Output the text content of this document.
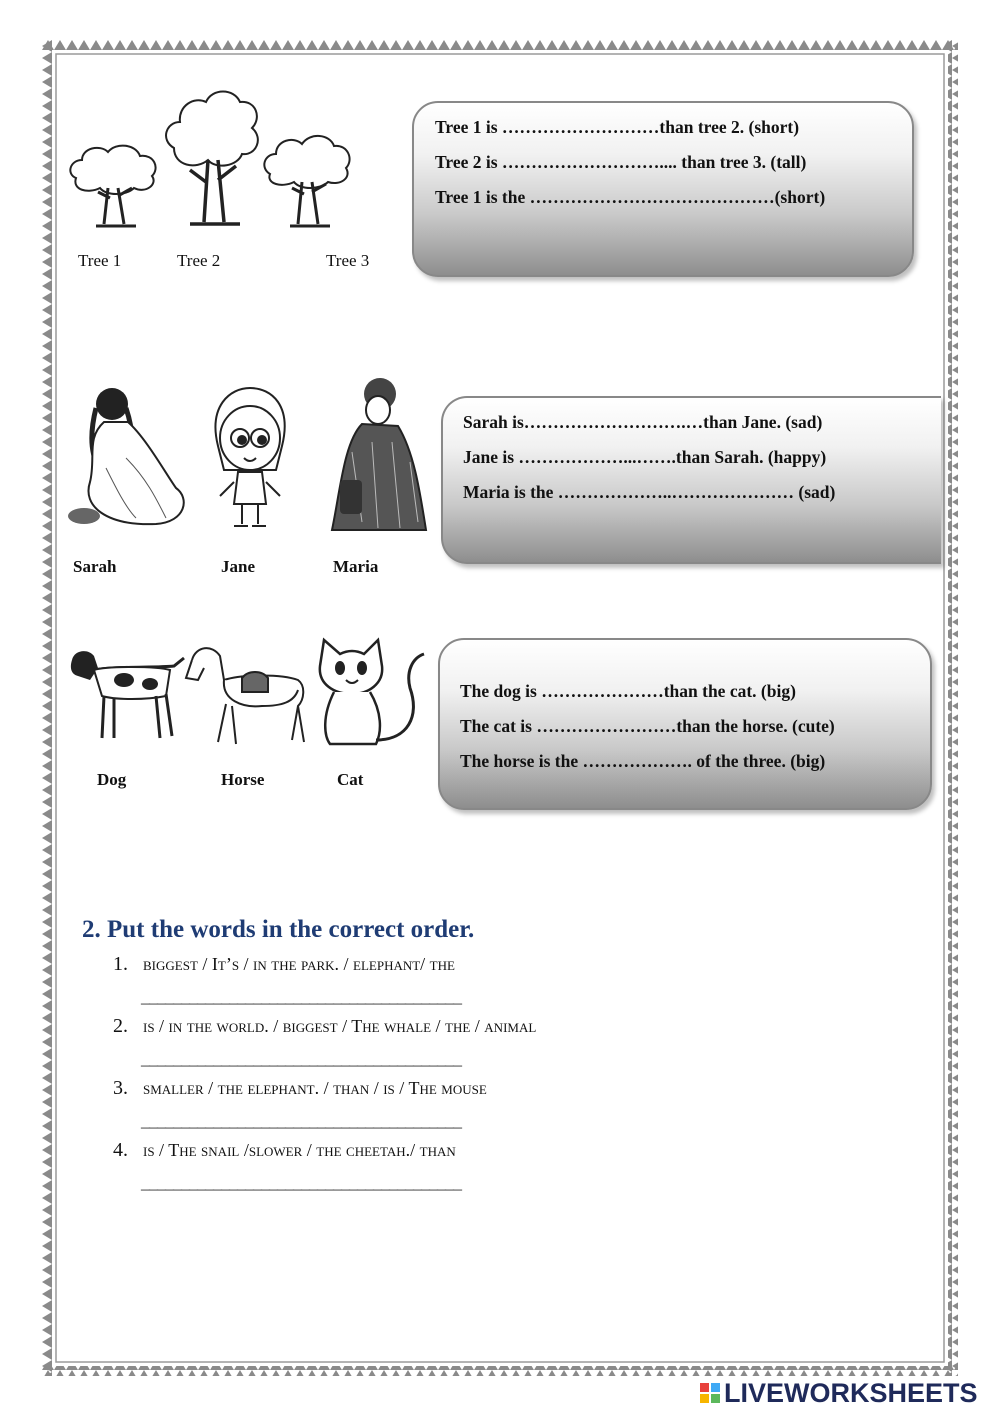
Tree 1	Tree 2	Tree 3
Tree 1 is ………………………than tree 2. (short)
Tree 2 is ……………………….... than tree 3. (tall)
Tree 1 is the ……………………………………(short)
Sarah	Jane	Maria
Sarah is……………………….…than Jane. (sad)
Jane is ………………...…….than Sarah. (happy)
Maria is the ………………..………………… (sad)
Dog	Horse	Cat
The dog is …………………than the cat. (big)
The cat is ……………………than the horse. (cute)
The horse is the ………………. of the three. (big)
2. Put the words in the correct order.
1. biggest / It’s / in the park. / elephant/ the
________________________________________
2. is / in the world. / biggest / The whale / the / animal
________________________________________
3. smaller / the elephant. / than / is / The mouse
________________________________________
4. is / The snail /slower / the cheetah./ than
________________________________________
LIVEWORKSHEETS
